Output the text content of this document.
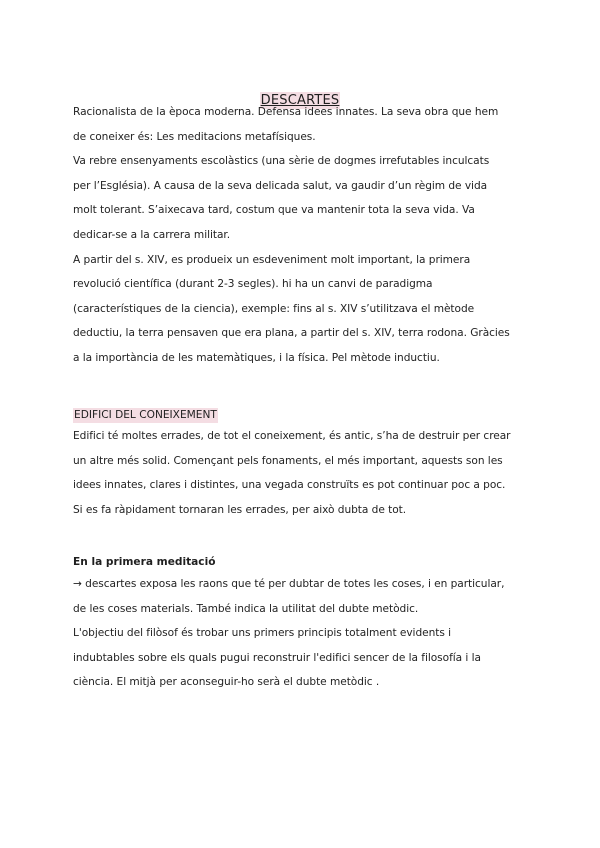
DESCARTES

Racionalista de la època moderna. Defensa idees innates. La seva obra que hem

de coneixer és: Les meditacions metafísiques.

Va rebre ensenyaments escolàstics (una sèrie de dogmes irrefutables inculcats

per l’Església). A causa de la seva delicada salut, va gaudir d’un règim de vida

molt tolerant. S’aixecava tard, costum que va mantenir tota la seva vida. Va

dedicar-se a la carrera militar.

A partir del s. XIV, es produeix un esdeveniment molt important, la primera

revolució científica (durant 2-3 segles). hi ha un canvi de paradigma

(característiques de la ciencia), exemple: fins al s. XIV s’utilitzava el mètode

deductiu, la terra pensaven que era plana, a partir del s. XIV, terra rodona. Gràcies

a la importància de les matemàtiques, i la física. Pel mètode inductiu.

EDIFICI DEL CONEIXEMENT

Edifici té moltes errades, de tot el coneixement, és antic, s’ha de destruir per crear

un altre més solid. Començant pels fonaments, el més important, aquests son les

idees innates, clares i distintes, una vegada construïts es pot continuar poc a poc.

Si es fa ràpidament tornaran les errades, per això dubta de tot.

En la primera meditació

→ descartes exposa les raons que té per dubtar de totes les coses, i en particular,

de les coses materials. També indica la utilitat del dubte metòdic.

L'objectiu del filòsof és trobar uns primers principis totalment evidents i

indubtables sobre els quals pugui reconstruir l'edifici sencer de la filosofía i la

ciència. El mitjà per aconseguir-ho serà el dubte metòdic .
